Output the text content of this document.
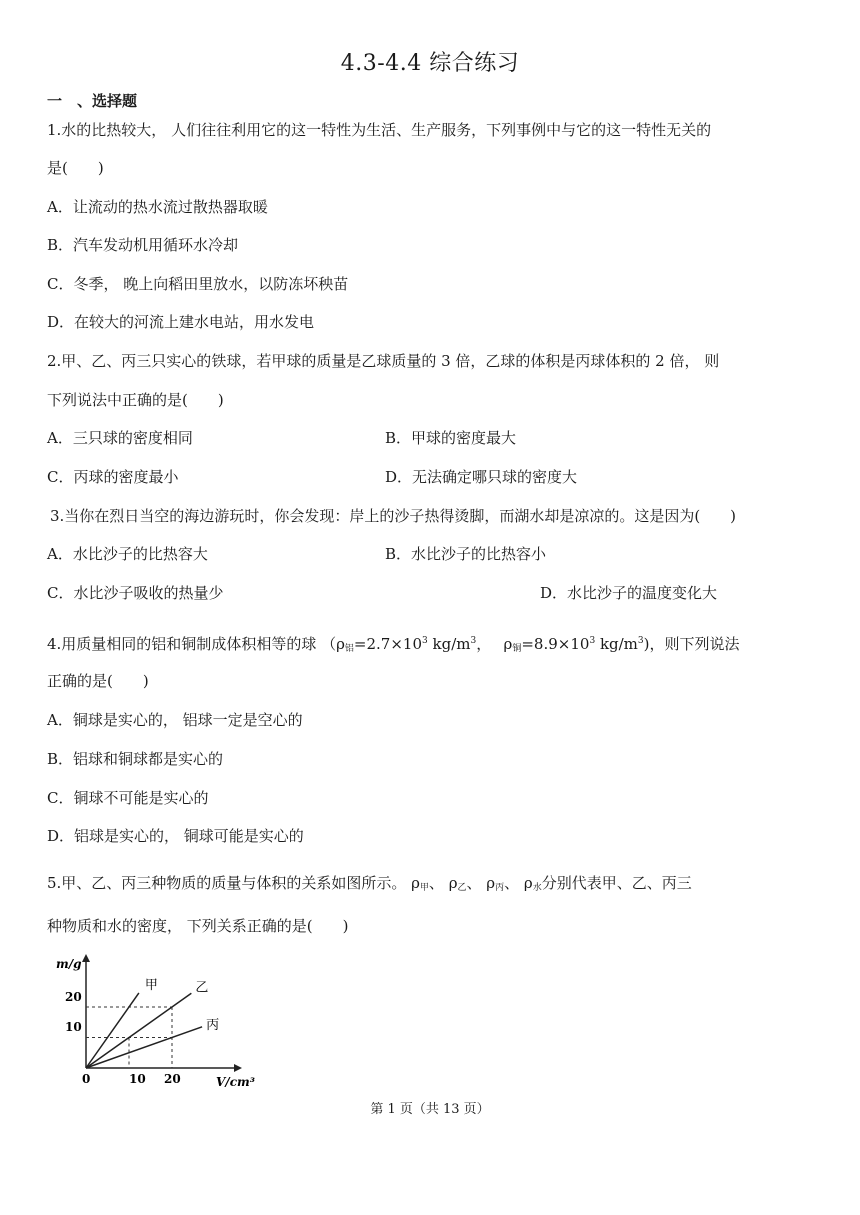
4.3-4.4 综合练习
一　、选择题
1.水的比热较大， 人们往往利用它的这一特性为生活、生产服务，下列事例中与它的这一特性无关的
是(　　)
A．让流动的热水流过散热器取暖
B．汽车发动机用循环水冷却
C．冬季， 晚上向稻田里放水，以防冻坏秧苗
D．在较大的河流上建水电站，用水发电
2.甲、乙、丙三只实心的铁球，若甲球的质量是乙球质量的 3 倍，乙球的体积是丙球体积的 2 倍， 则
下列说法中正确的是(　　)
A．三只球的密度相同	B．甲球的密度最大
C．丙球的密度最小	D．无法确定哪只球的密度大
3.当你在烈日当空的海边游玩时，你会发现：岸上的沙子热得烫脚，而湖水却是凉凉的。这是因为(　　)
A．水比沙子的比热容大	B．水比沙子的比热容小
C．水比沙子吸收的热量少	D．水比沙子的温度变化大
4.用质量相同的铝和铜制成体积相等的球 （ρ铝$=2.7\times 10^3$ $kg/m^3$，　 ρ铜$=8.9\times 10^3$ $kg/m^3$)，则下列说法
正确的是(　　)
A．铜球是实心的， 铝球一定是空心的
B．铝球和铜球都是实心的
C．铜球不可能是实心的
D．铝球是实心的， 铜球可能是实心的
5.甲、乙、丙三种物质的质量与体积的关系如图所示。 ρ甲、 ρ乙、 ρ丙、 ρ水分别代表甲、乙、丙三
种物质和水的密度， 下列关系正确的是(　　)
m/g
V/cm³
0	10 20
10
20
甲	乙
丙
第 1 页（共 13 页）
